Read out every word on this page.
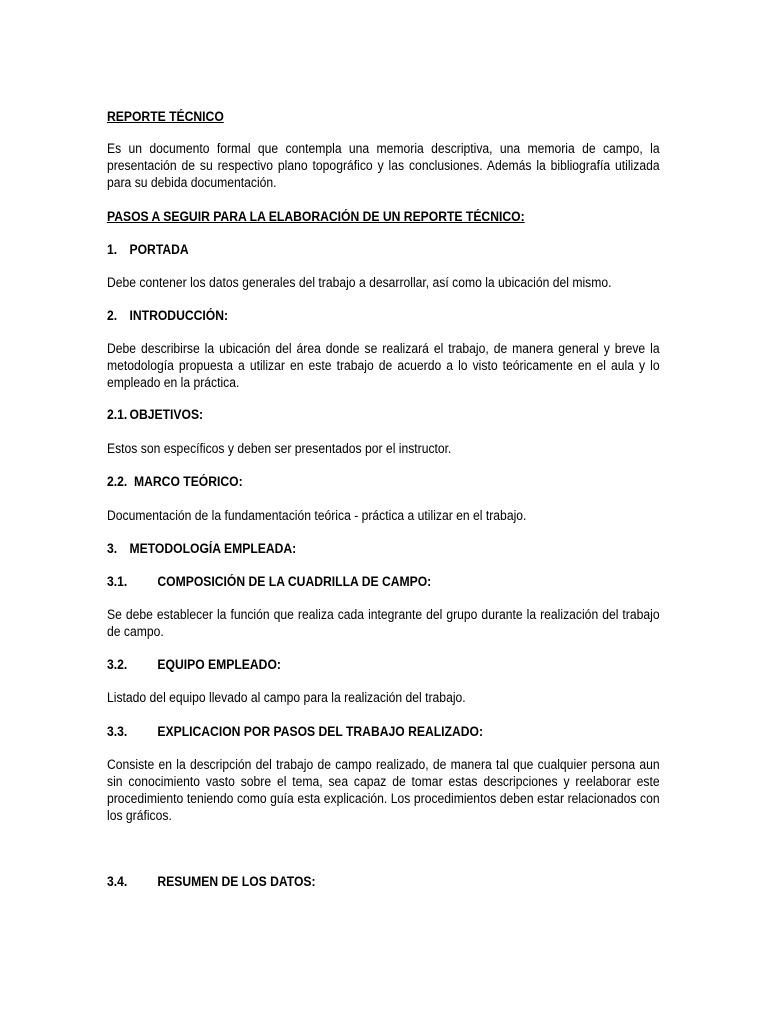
REPORTE TÉCNICO
Es un documento formal que contempla una memoria descriptiva, una memoria de campo, la presentación de su respectivo plano topográfico y las conclusiones. Además la bibliografía utilizada para su debida documentación.
PASOS A SEGUIR PARA LA ELABORACIÓN DE UN REPORTE TÉCNICO:
1. PORTADA
Debe contener los datos generales del trabajo a desarrollar, así como la ubicación del mismo.
2. INTRODUCCIÓN:
Debe describirse la ubicación del área donde se realizará el trabajo, de manera general y breve la metodología propuesta a utilizar en este trabajo de acuerdo a lo visto teóricamente en el aula y lo empleado en la práctica.
2.1. OBJETIVOS:
Estos son específicos y deben ser presentados por el instructor.
2.2. MARCO TEÓRICO:
Documentación de la fundamentación teórica - práctica a utilizar en el trabajo.
3. METODOLOGÍA EMPLEADA:
3.1. COMPOSICIÓN DE LA CUADRILLA DE CAMPO:
Se debe establecer la función que realiza cada integrante del grupo durante la realización del trabajo de campo.
3.2. EQUIPO EMPLEADO:
Listado del equipo llevado al campo para la realización del trabajo.
3.3. EXPLICACION POR PASOS DEL TRABAJO REALIZADO:
Consiste en la descripción del trabajo de campo realizado, de manera tal que cualquier persona aun sin conocimiento vasto sobre el tema, sea capaz de tomar estas descripciones y reelaborar este procedimiento teniendo como guía esta explicación. Los procedimientos deben estar relacionados con los gráficos.
3.4. RESUMEN DE LOS DATOS:
